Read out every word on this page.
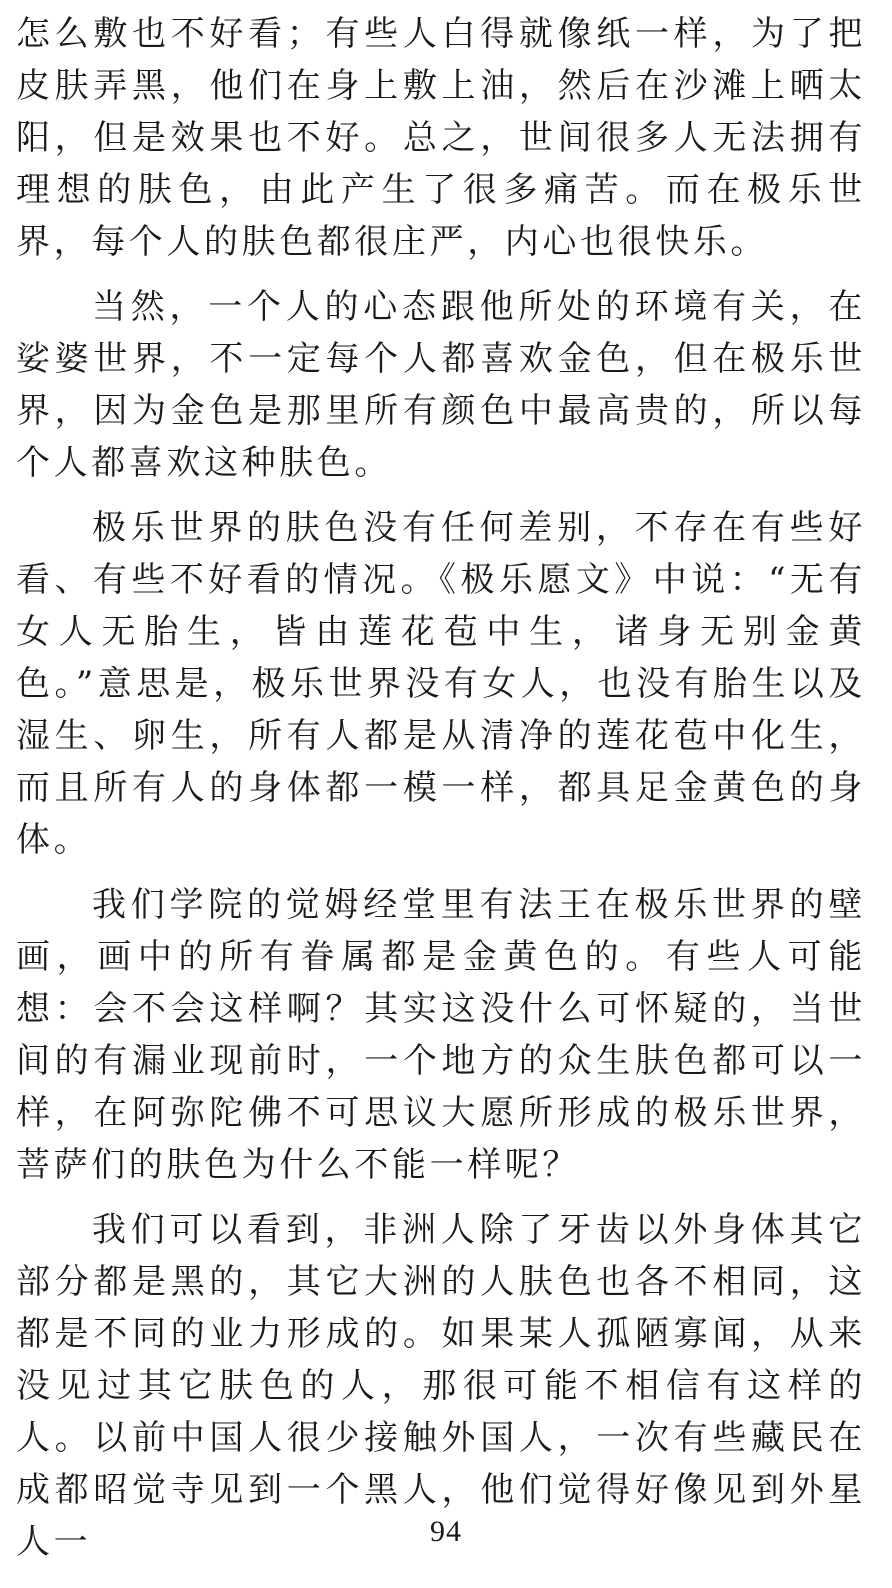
怎么敷也不好看；有些人白得就像纸一样，为了把皮肤弄黑，他们在身上敷上油，然后在沙滩上晒太阳，但是效果也不好。总之，世间很多人无法拥有理想的肤色，由此产生了很多痛苦。而在极乐世界，每个人的肤色都很庄严，内心也很快乐。

当然，一个人的心态跟他所处的环境有关，在娑婆世界，不一定每个人都喜欢金色，但在极乐世界，因为金色是那里所有颜色中最高贵的，所以每个人都喜欢这种肤色。

极乐世界的肤色没有任何差别，不存在有些好看、有些不好看的情况。《极乐愿文》中说：“无有女人无胎生，皆由莲花苞中生，诸身无别金黄色。”意思是，极乐世界没有女人，也没有胎生以及湿生、卵生，所有人都是从清净的莲花苞中化生，而且所有人的身体都一模一样，都具足金黄色的身体。

我们学院的觉姆经堂里有法王在极乐世界的壁画，画中的所有眷属都是金黄色的。有些人可能想：会不会这样啊？其实这没什么可怀疑的，当世间的有漏业现前时，一个地方的众生肤色都可以一样，在阿弥陀佛不可思议大愿所形成的极乐世界，菩萨们的肤色为什么不能一样呢？

我们可以看到，非洲人除了牙齿以外身体其它部分都是黑的，其它大洲的人肤色也各不相同，这都是不同的业力形成的。如果某人孤陋寡闻，从来没见过其它肤色的人，那很可能不相信有这样的人。以前中国人很少接触外国人，一次有些藏民在成都昭觉寺见到一个黑人，他们觉得好像见到外星人一	94
